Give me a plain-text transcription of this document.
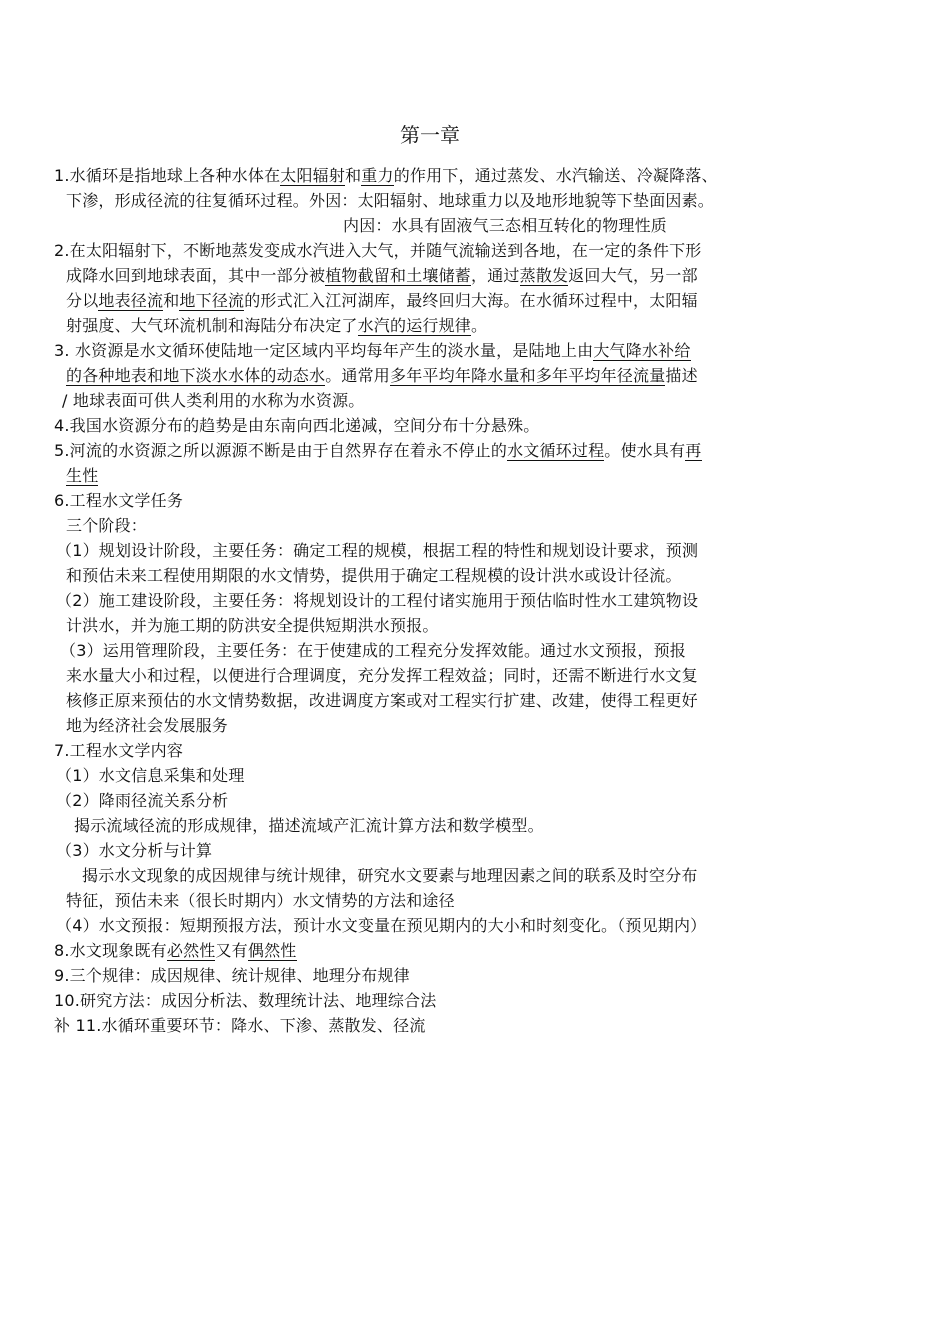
第一章
1.水循环是指地球上各种水体在太阳辐射和重力的作用下，通过蒸发、水汽输送、冷凝降落、
下渗，形成径流的往复循环过程。外因：太阳辐射、地球重力以及地形地貌等下垫面因素。
内因：水具有固液气三态相互转化的物理性质
2.在太阳辐射下，不断地蒸发变成水汽进入大气，并随气流输送到各地，在一定的条件下形
成降水回到地球表面，其中一部分被植物截留和土壤储蓄，通过蒸散发返回大气，另一部
分以地表径流和地下径流的形式汇入江河湖库，最终回归大海。在水循环过程中，太阳辐
射强度、大气环流机制和海陆分布决定了水汽的运行规律。
3. 水资源是水文循环使陆地一定区域内平均每年产生的淡水量，是陆地上由大气降水补给
的各种地表和地下淡水水体的动态水。通常用多年平均年降水量和多年平均年径流量描述
/ 地球表面可供人类利用的水称为水资源。
4.我国水资源分布的趋势是由东南向西北递减，空间分布十分悬殊。
5.河流的水资源之所以源源不断是由于自然界存在着永不停止的水文循环过程。使水具有再
生性
6.工程水文学任务
三个阶段：
（1）规划设计阶段，主要任务：确定工程的规模，根据工程的特性和规划设计要求，预测
和预估未来工程使用期限的水文情势，提供用于确定工程规模的设计洪水或设计径流。
（2）施工建设阶段，主要任务：将规划设计的工程付诸实施用于预估临时性水工建筑物设
计洪水，并为施工期的防洪安全提供短期洪水预报。
（3）运用管理阶段，主要任务：在于使建成的工程充分发挥效能。通过水文预报，预报
来水量大小和过程，以便进行合理调度，充分发挥工程效益；同时，还需不断进行水文复
核修正原来预估的水文情势数据，改进调度方案或对工程实行扩建、改建，使得工程更好
地为经济社会发展服务
7.工程水文学内容
（1）水文信息采集和处理
（2）降雨径流关系分析
揭示流域径流的形成规律，描述流域产汇流计算方法和数学模型。
（3）水文分析与计算
揭示水文现象的成因规律与统计规律，研究水文要素与地理因素之间的联系及时空分布
特征，预估未来（很长时期内）水文情势的方法和途径
（4）水文预报：短期预报方法，预计水文变量在预见期内的大小和时刻变化。（预见期内）
8.水文现象既有必然性又有偶然性
9.三个规律：成因规律、统计规律、地理分布规律
10.研究方法：成因分析法、数理统计法、地理综合法
补 11.水循环重要环节：降水、下渗、蒸散发、径流
